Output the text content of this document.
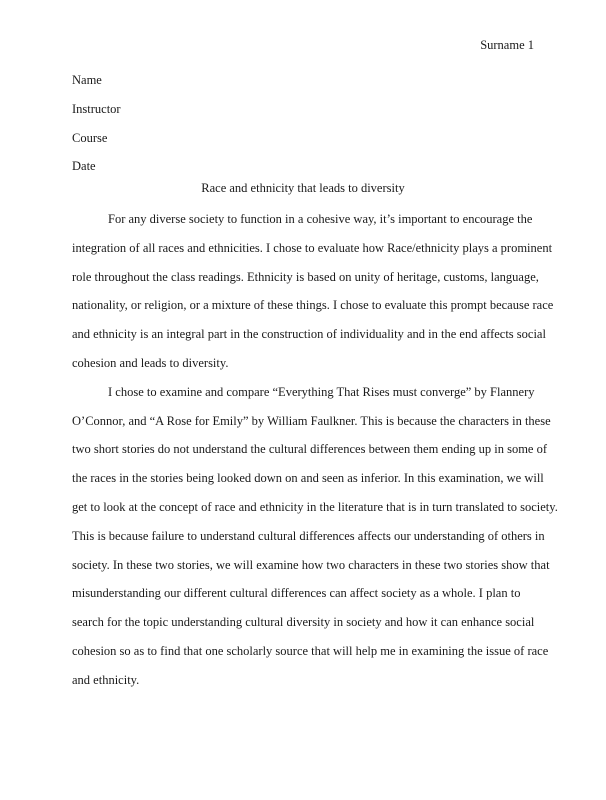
Surname 1
Name
Instructor
Course
Date
Race and ethnicity that leads to diversity
For any diverse society to function in a cohesive way, it’s important to encourage the
integration of all races and ethnicities. I chose to evaluate how Race/ethnicity plays a prominent
role throughout the class readings. Ethnicity is based on unity of heritage, customs, language,
nationality, or religion, or a mixture of these things. I chose to evaluate this prompt because race
and ethnicity is an integral part in the construction of individuality and in the end affects social
cohesion and leads to diversity.
I chose to examine and compare “Everything That Rises must converge” by Flannery
O’Connor, and “A Rose for Emily” by William Faulkner. This is because the characters in these
two short stories do not understand the cultural differences between them ending up in some of
the races in the stories being looked down on and seen as inferior. In this examination, we will
get to look at the concept of race and ethnicity in the literature that is in turn translated to society.
This is because failure to understand cultural differences affects our understanding of others in
society. In these two stories, we will examine how two characters in these two stories show that
misunderstanding our different cultural differences can affect society as a whole. I plan to
search for the topic understanding cultural diversity in society and how it can enhance social
cohesion so as to find that one scholarly source that will help me in examining the issue of race
and ethnicity.
